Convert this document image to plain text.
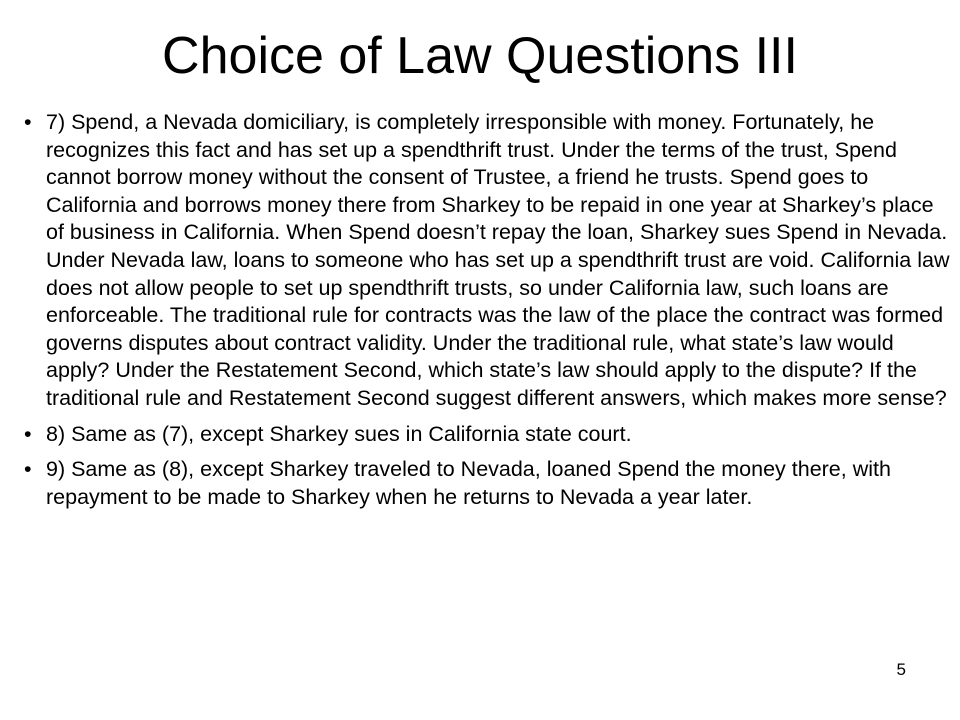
Choice of Law Questions III
• 7) Spend, a Nevada domiciliary, is completely irresponsible with money. Fortunately, he recognizes this fact and has set up a spendthrift trust. Under the terms of the trust, Spend cannot borrow money without the consent of Trustee, a friend he trusts. Spend goes to California and borrows money there from Sharkey to be repaid in one year at Sharkey’s place of business in California. When Spend doesn’t repay the loan, Sharkey sues Spend in Nevada. Under Nevada law, loans to someone who has set up a spendthrift trust are void. California law does not allow people to set up spendthrift trusts, so under California law, such loans are enforceable. The traditional rule for contracts was the law of the place the contract was formed governs disputes about contract validity. Under the traditional rule, what state’s law would apply? Under the Restatement Second, which state’s law should apply to the dispute? If the traditional rule and Restatement Second suggest different answers, which makes more sense?
• 8) Same as (7), except Sharkey sues in California state court.
• 9) Same as (8), except Sharkey traveled to Nevada, loaned Spend the money there, with repayment to be made to Sharkey when he returns to Nevada a year later.
5
